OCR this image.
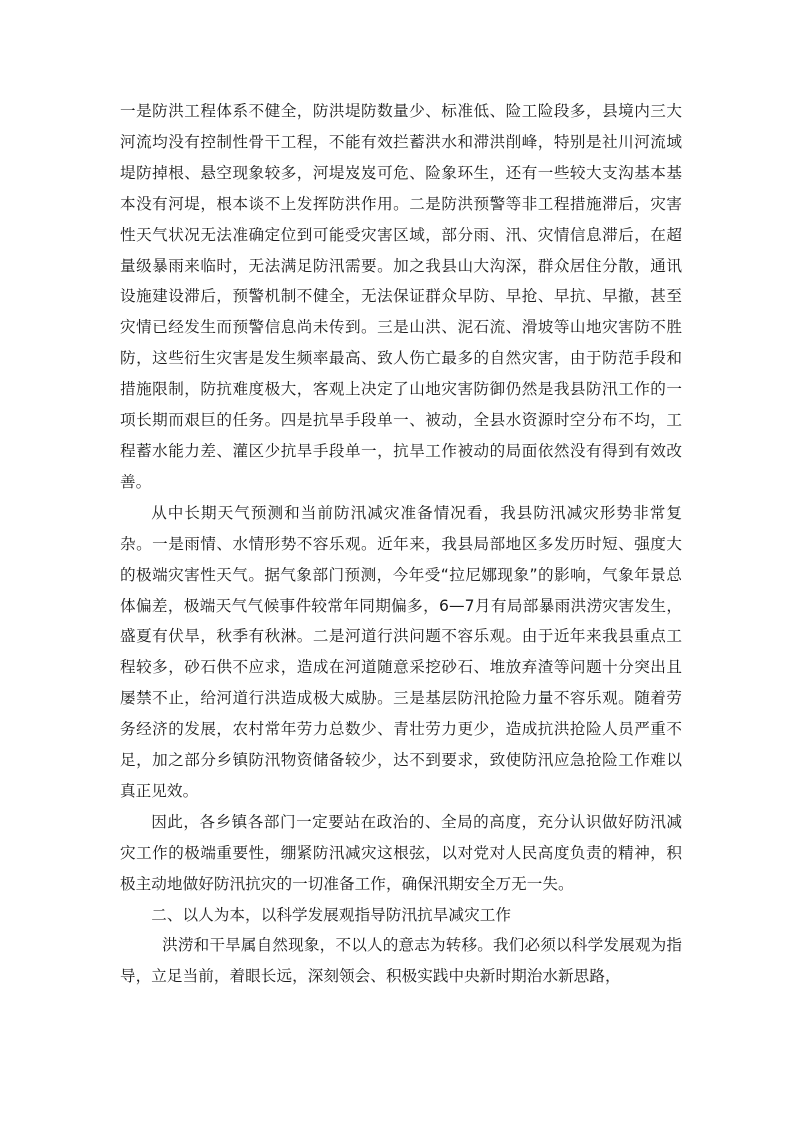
一是防洪工程体系不健全，防洪堤防数量少、标准低、险工险段多，县境内三大河流均没有控制性骨干工程，不能有效拦蓄洪水和滞洪削峰，特别是社川河流域堤防掉根、悬空现象较多，河堤岌岌可危、险象环生，还有一些较大支沟基本基本没有河堤，根本谈不上发挥防洪作用。二是防洪预警等非工程措施滞后，灾害性天气状况无法准确定位到可能受灾害区域，部分雨、汛、灾情信息滞后，在超量级暴雨来临时，无法满足防汛需要。加之我县山大沟深，群众居住分散，通讯设施建设滞后，预警机制不健全，无法保证群众早防、早抢、早抗、早撤，甚至灾情已经发生而预警信息尚未传到。三是山洪、泥石流、滑坡等山地灾害防不胜防，这些衍生灾害是发生频率最高、致人伤亡最多的自然灾害，由于防范手段和措施限制，防抗难度极大，客观上决定了山地灾害防御仍然是我县防汛工作的一项长期而艰巨的任务。四是抗旱手段单一、被动，全县水资源时空分布不均，工程蓄水能力差、灌区少抗旱手段单一，抗旱工作被动的局面依然没有得到有效改善。

从中长期天气预测和当前防汛减灾准备情况看，我县防汛减灾形势非常复杂。一是雨情、水情形势不容乐观。近年来，我县局部地区多发历时短、强度大的极端灾害性天气。据气象部门预测，今年受“拉尼娜现象”的影响，气象年景总体偏差，极端天气气候事件较常年同期偏多，6—7月有局部暴雨洪涝灾害发生，盛夏有伏旱，秋季有秋淋。二是河道行洪问题不容乐观。由于近年来我县重点工程较多，砂石供不应求，造成在河道随意采挖砂石、堆放弃渣等问题十分突出且屡禁不止，给河道行洪造成极大威胁。三是基层防汛抢险力量不容乐观。随着劳务经济的发展，农村常年劳力总数少、青壮劳力更少，造成抗洪抢险人员严重不足，加之部分乡镇防汛物资储备较少，达不到要求，致使防汛应急抢险工作难以真正见效。

因此，各乡镇各部门一定要站在政治的、全局的高度，充分认识做好防汛减灾工作的极端重要性，绷紧防汛减灾这根弦，以对党对人民高度负责的精神，积极主动地做好防汛抗灾的一切准备工作，确保汛期安全万无一失。

二、以人为本，以科学发展观指导防汛抗旱减灾工作

洪涝和干旱属自然现象，不以人的意志为转移。我们必须以科学发展观为指导，立足当前，着眼长远，深刻领会、积极实践中央新时期治水新思路，
